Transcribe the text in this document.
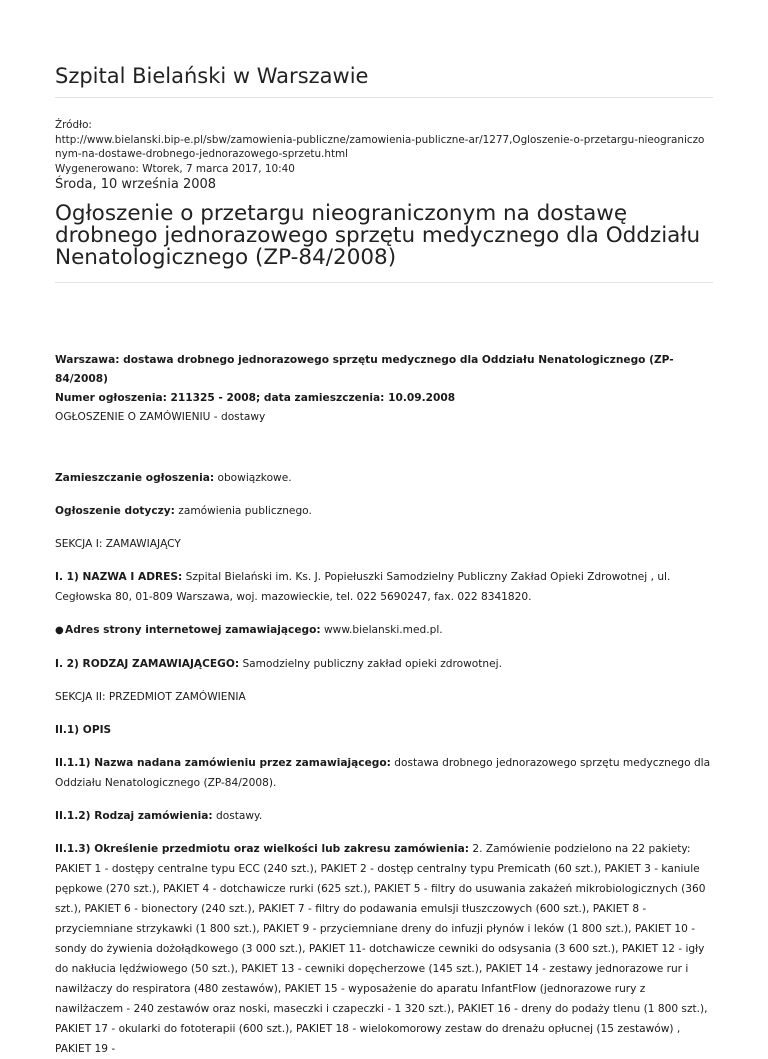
Szpital Bielański w Warszawie
Źródło:
http://www.bielanski.bip-e.pl/sbw/zamowienia-publiczne/zamowienia-publiczne-ar/1277,Ogloszenie-o-przetargu-nieograniczo
nym-na-dostawe-drobnego-jednorazowego-sprzetu.html
Wygenerowano: Wtorek, 7 marca 2017, 10:40
Środa, 10 września 2008
Ogłoszenie o przetargu nieograniczonym na dostawę drobnego jednorazowego sprzętu medycznego dla Oddziału Nenatologicznego (ZP-84/2008)

Warszawa: dostawa drobnego jednorazowego sprzętu medycznego dla Oddziału Nenatologicznego (ZP-84/2008)

Numer ogłoszenia: 211325 - 2008; data zamieszczenia: 10.09.2008

OGŁOSZENIE O ZAMÓWIENIU - dostawy

Zamieszczanie ogłoszenia: obowiązkowe.

Ogłoszenie dotyczy: zamówienia publicznego.

SEKCJA I: ZAMAWIAJĄCY

I. 1) NAZWA I ADRES: Szpital Bielański im. Ks. J. Popiełuszki Samodzielny Publiczny Zakład Opieki Zdrowotnej , ul. Cegłowska 80, 01-809 Warszawa, woj. mazowieckie, tel. 022 5690247, fax. 022 8341820.

● Adres strony internetowej zamawiającego: www.bielanski.med.pl.

I. 2) RODZAJ ZAMAWIAJĄCEGO: Samodzielny publiczny zakład opieki zdrowotnej.

SEKCJA II: PRZEDMIOT ZAMÓWIENIA

II.1) OPIS

II.1.1) Nazwa nadana zamówieniu przez zamawiającego: dostawa drobnego jednorazowego sprzętu medycznego dla Oddziału Nenatologicznego (ZP-84/2008).

II.1.2) Rodzaj zamówienia: dostawy.

II.1.3) Określenie przedmiotu oraz wielkości lub zakresu zamówienia: 2. Zamówienie podzielono na 22 pakiety: PAKIET 1 - dostępy centralne typu ECC (240 szt.), PAKIET 2 - dostęp centralny typu Premicath (60 szt.), PAKIET 3 - kaniule pępkowe (270 szt.), PAKIET 4 - dotchawicze rurki (625 szt.), PAKIET 5 - filtry do usuwania zakażeń mikrobiologicznych (360 szt.), PAKIET 6 - bionectory (240 szt.), PAKIET 7 - filtry do podawania emulsji tłuszczowych (600 szt.), PAKIET 8 - przyciemniane strzykawki (1 800 szt.), PAKIET 9 - przyciemniane dreny do infuzji płynów i leków (1 800 szt.), PAKIET 10 - sondy do żywienia dożołądkowego (3 000 szt.), PAKIET 11- dotchawicze cewniki do odsysania (3 600 szt.), PAKIET 12 - igły do nakłucia lędźwiowego (50 szt.), PAKIET 13 - cewniki dopęcherzowe (145 szt.), PAKIET 14 - zestawy jednorazowe rur i nawilżaczy do respiratora (480 zestawów), PAKIET 15 - wyposażenie do aparatu InfantFlow (jednorazowe rury z nawilżaczem - 240 zestawów oraz noski, maseczki i czapeczki - 1 320 szt.), PAKIET 16 - dreny do podaży tlenu (1 800 szt.), PAKIET 17 - okularki do fototerapii (600 szt.), PAKIET 18 - wielokomorowy zestaw do drenażu opłucnej (15 zestawów) , PAKIET 19 -
